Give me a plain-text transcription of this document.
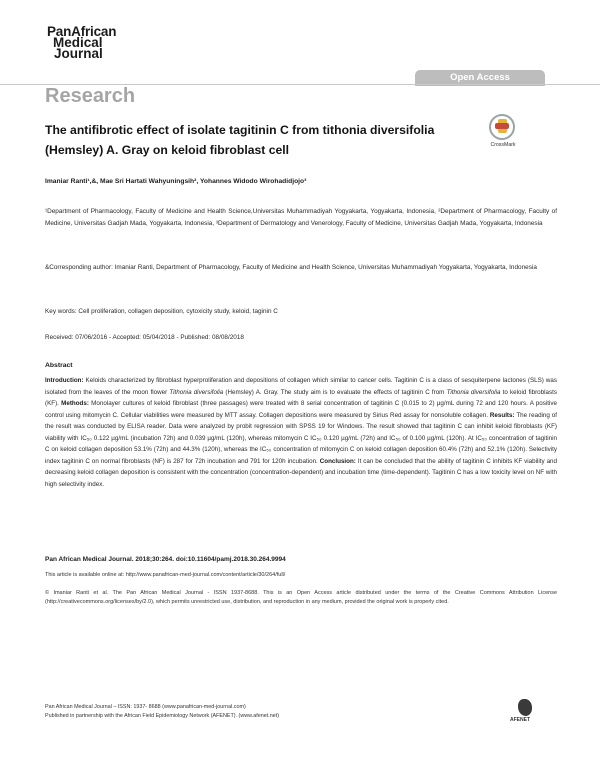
PanAfrican
Medical
Journal
Open Access
Research
The antifibrotic effect of isolate tagitinin C from tithonia diversifolia (Hemsley) A. Gray on keloid fibroblast cell	CrossMark
Imaniar Ranti¹,&, Mae Sri Hartati Wahyuningsih², Yohannes Widodo Wirohadidjojo³
¹Department of Pharmacology, Faculty of Medicine and Health Science,Universitas Muhammadiyah Yogyakarta, Yogyakarta, Indonesia, ²Department of Pharmacology, Faculty of Medicine, Universitas Gadjah Mada, Yogyakarta, Indonesia, ³Department of Dermatology and Venerology, Faculty of Medicine, Universitas Gadjah Mada, Yogyakarta, Indonesia
&Corresponding author: Imaniar Ranti, Department of Pharmacology, Faculty of Medicine and Health Science, Universitas Muhammadiyah Yogyakarta, Yogyakarta, Indonesia
Key words: Cell proliferation, collagen deposition, cytoxicity study, keloid, taginin C
Received: 07/06/2016 - Accepted: 05/04/2018 - Published: 08/08/2018
Abstract
Introduction: Keloids characterized by fibroblast hyperproliferation and depositions of collagen which similar to cancer cells. Tagitinin C is a class of sesquiterpene lactones (SLS) was isolated from the leaves of the moon flower Tithonia diversifolia (Hemsley) A. Gray. The study aim is to evaluate the effects of tagitinin C from Tithonia diversifolia to keloid fibroblasts (KF). Methods: Monolayer cultures of keloid fibroblast (three passages) were treated with 8 serial concentration of tagitinin C (0.015 to 2) µg/mL during 72 and 120 hours. A positive control using mitomycin C. Cellular viabilities were measured by MTT assay. Collagen depositions were measured by Sirius Red assay for nonsoluble collagen. Results: The reading of the result was conducted by ELISA reader. Data were analyzed by probit regression with SPSS 19 for Windows. The result showed that tagitinin C can inhibit keloid fibroblasts (KF) viability with IC₅₀ 0.122 µg/mL (incubation 72h) and 0.039 µg/mL (120h), whereas mitomycin C IC₅₀ 0.120 µg/mL (72h) and IC₅₀ of 0.100 µg/mL (120h). At IC₅₀ concentration of tagitinin C on keloid collagen deposition 53.1% (72h) and 44.3% (120h), whereas the IC₅₀ concentration of mitomycin C on keloid collagen deposition 60.4% (72h) and 52.1% (120h). Selectivity index tagitinin C on normal fibroblasts (NF) is 287 for 72h incubation and 791 for 120h incubation. Conclusion: It can be concluded that the ability of tagitinin C inhibits KF viability and decreasing keloid collagen deposition is consistent with the concentration (concentration-dependent) and incubation time (time-dependent). Tagitinin C has a low toxicity level on NF with high selectivity index.
Pan African Medical Journal. 2018;30:264. doi:10.11604/pamj.2018.30.264.9994
This article is available online at: http://www.panafrican-med-journal.com/content/article/30/264/full/
© Imaniar Ranti et al. The Pan African Medical Journal - ISSN 1937-8688. This is an Open Access article distributed under the terms of the Creative Commons Attribution License (http://creativecommons.org/licenses/by/2.0), which permits unrestricted use, distribution, and reproduction in any medium, provided the original work is properly cited.
Pan African Medical Journal – ISSN: 1937- 8688 (www.panafrican-med-journal.com)
Published in partnership with the African Field Epidemiology Network (AFENET). (www.afenet.net)
AFENET
